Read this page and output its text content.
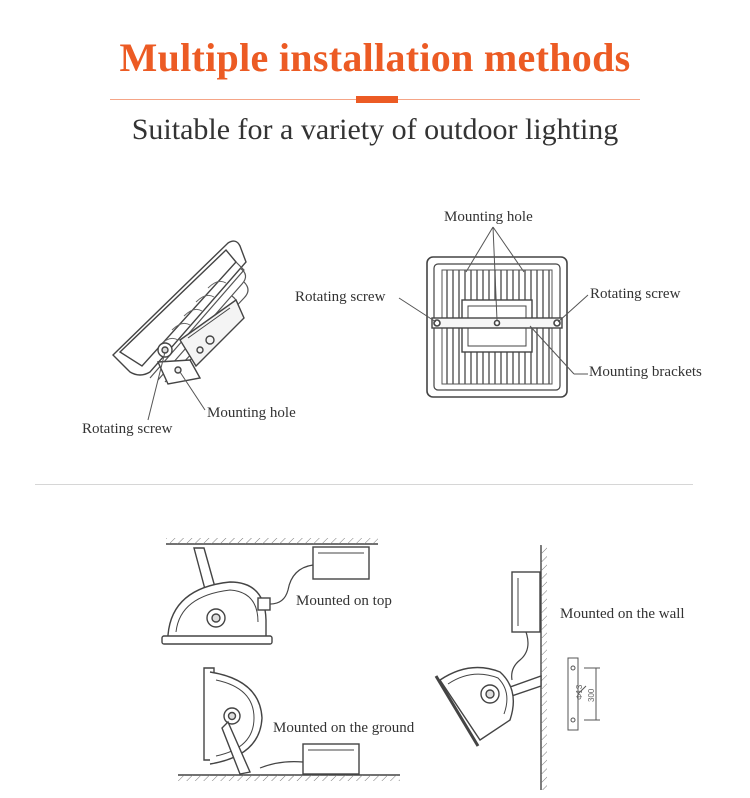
Multiple installation methods
Suitable for a variety of outdoor lighting
Φ13 300
Rotating screw
Mounting hole
Mounting hole
Rotating screw	Rotating screw
Mounting brackets
Mounted on top
Mounted on the ground
Mounted on the wall
